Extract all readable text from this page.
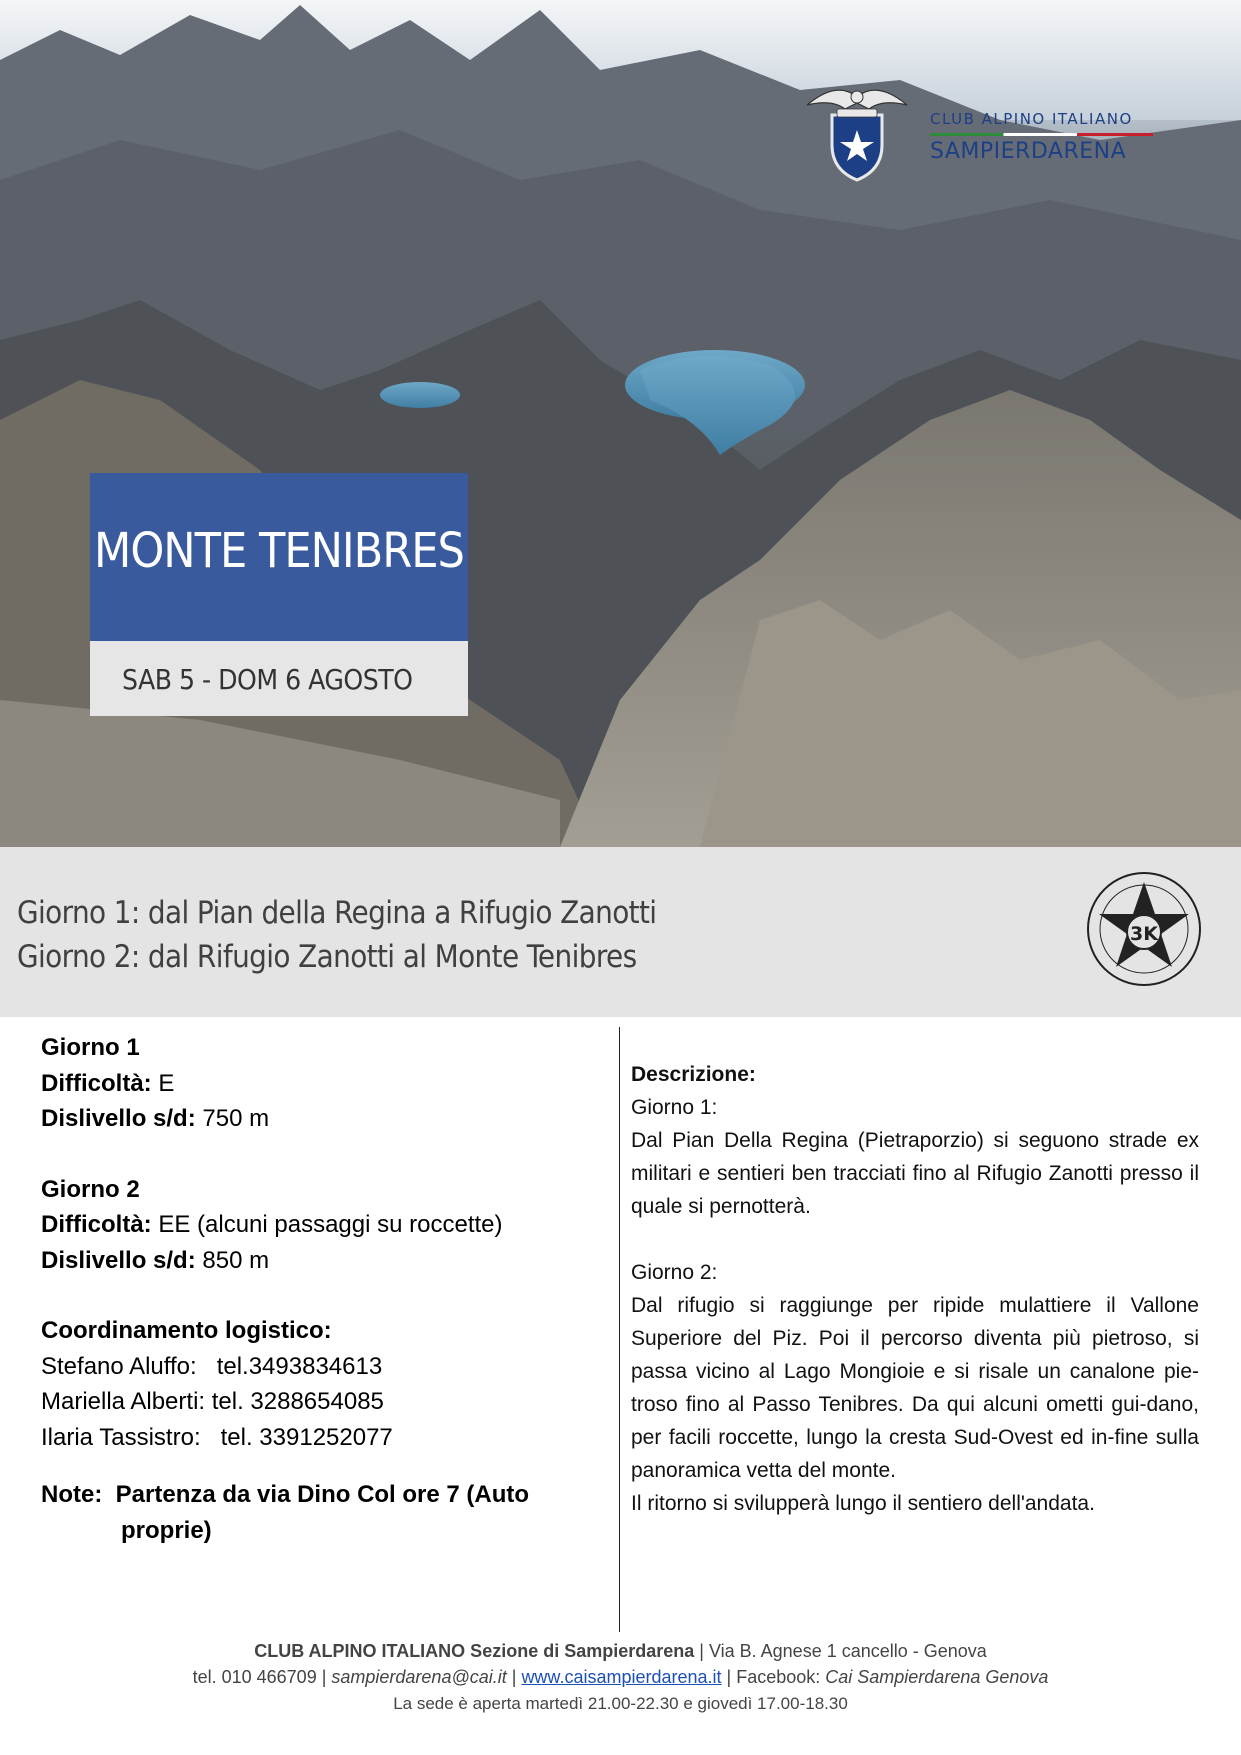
CLUB ALPINO ITALIANO
SAMPIERDARENA
MONTE TENIBRES
SAB 5 - DOM 6 AGOSTO
Giorno 1: dal Pian della Regina a Rifugio Zanotti
Giorno 2: dal Rifugio Zanotti al Monte Tenibres
3K
Giorno 1
Difficoltà: E
Dislivello s/d: 750 m
Giorno 2
Difficoltà: EE (alcuni passaggi su roccette)
Dislivello s/d: 850 m
Coordinamento logistico:
Stefano Aluffo:   tel.3493834613
Mariella Alberti: tel. 3288654085
Ilaria Tassistro:   tel. 3391252077
Note:  Partenza da via Dino Col ore 7 (Auto
proprie)

Descrizione:

Giorno 1:

Dal Pian Della Regina (Pietraporzio) si seguono strade ex militari e sentieri ben tracciati fino al Rifugio Zanotti presso il quale si pernotterà.

Giorno 2:

Dal rifugio si raggiunge per ripide mulattiere il Vallone Superiore del Piz. Poi il percorso diventa più pietroso, si passa vicino al Lago Mongioie e si risale un canalone pie-troso fino al Passo Tenibres. Da qui alcuni ometti gui-dano, per facili roccette, lungo la cresta Sud-Ovest ed in-fine sulla panoramica vetta del monte.

Il ritorno si svilupperà lungo il sentiero dell'andata.

CLUB ALPINO ITALIANO Sezione di Sampierdarena | Via B. Agnese 1 cancello - Genova
tel. 010 466709 | sampierdarena@cai.it | www.caisampierdarena.it | Facebook: Cai Sampierdarena Genova
La sede è aperta martedì 21.00-22.30 e giovedì 17.00-18.30
